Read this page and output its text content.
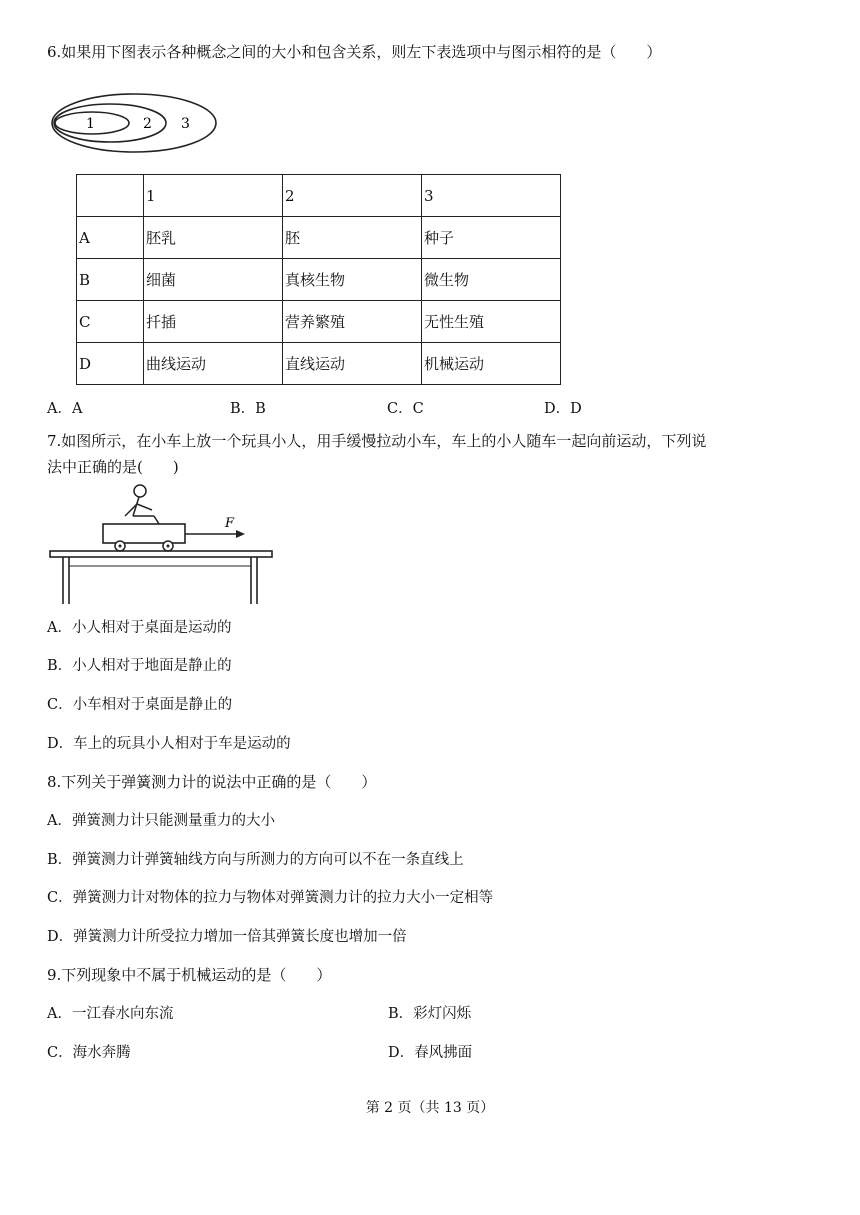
6.如果用下图表示各种概念之间的大小和包含关系，则左下表选项中与图示相符的是（　　）
1	2 3
	1	2	3
A	胚乳	胚	种子
B	细菌	真核生物	微生物
C	扦插	营养繁殖	无性生殖
D	曲线运动	直线运动	机械运动
A．A	B．B	C．C	D．D
7.如图所示，在小车上放一个玩具小人，用手缓慢拉动小车，车上的小人随车一起向前运动，下列说
法中正确的是(　　)
F
A．小人相对于桌面是运动的
B．小人相对于地面是静止的
C．小车相对于桌面是静止的
D．车上的玩具小人相对于车是运动的
8.下列关于弹簧测力计的说法中正确的是（　　）
A．弹簧测力计只能测量重力的大小
B．弹簧测力计弹簧轴线方向与所测力的方向可以不在一条直线上
C．弹簧测力计对物体的拉力与物体对弹簧测力计的拉力大小一定相等
D．弹簧测力计所受拉力增加一倍其弹簧长度也增加一倍
9.下列现象中不属于机械运动的是（　　）
A．一江春水向东流	B．彩灯闪烁
C．海水奔腾	D．春风拂面
第 2 页（共 13 页）
